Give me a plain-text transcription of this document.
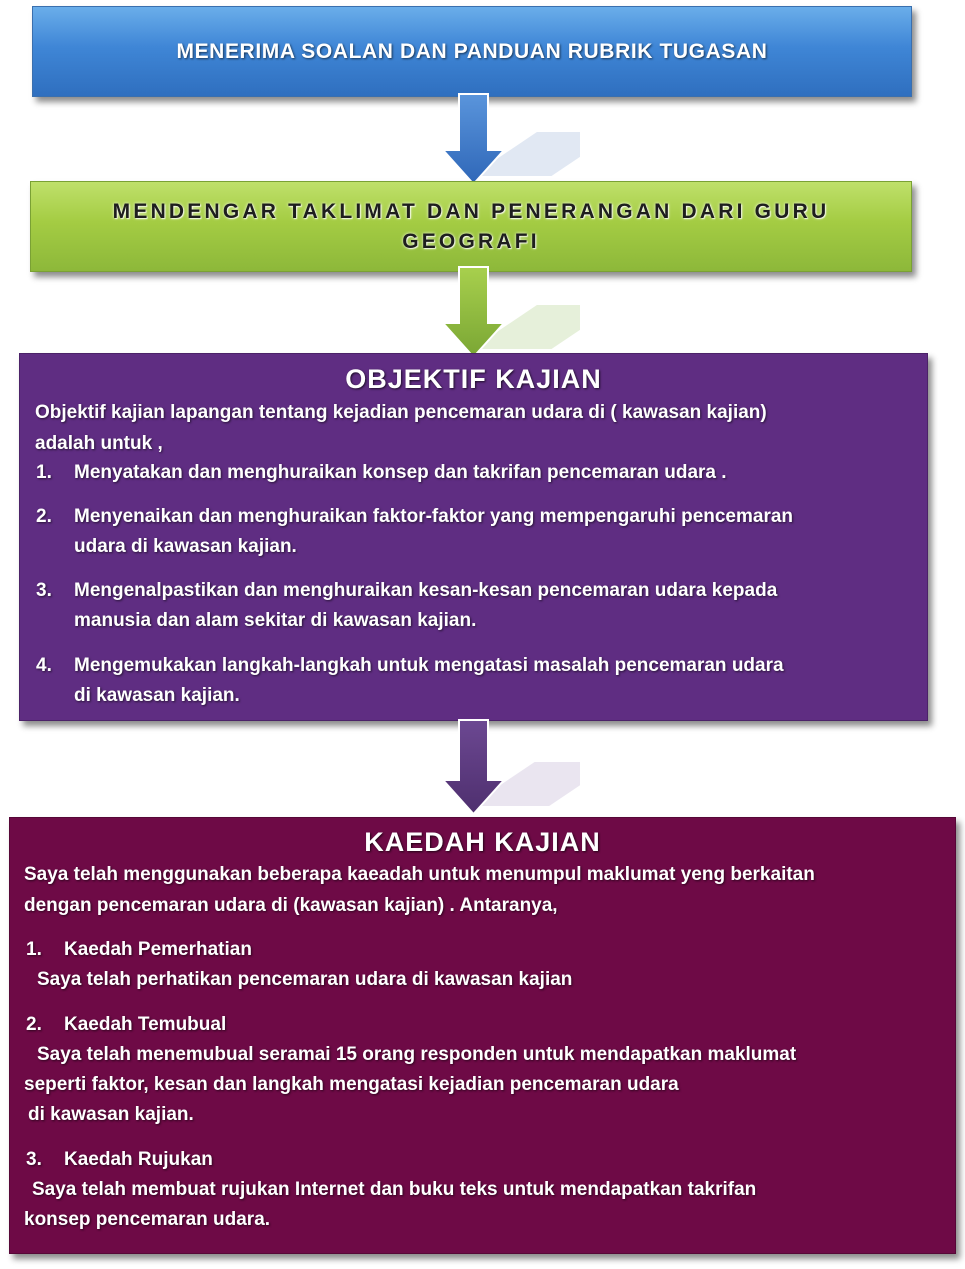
MENERIMA SOALAN DAN PANDUAN RUBRIK TUGASAN
MENDENGAR TAKLIMAT DAN PENERANGAN DARI GURU GEOGRAFI
OBJEKTIF KAJIAN
Objektif kajian lapangan tentang kejadian pencemaran udara di ( kawasan kajian)
adalah untuk ,
1. Menyatakan dan menghuraikan konsep dan takrifan pencemaran udara .
2. Menyenaikan dan menghuraikan faktor-faktor yang mempengaruhi pencemaran
udara di kawasan kajian.
3. Mengenalpastikan dan menghuraikan kesan-kesan pencemaran udara kepada
manusia dan alam sekitar di kawasan kajian.
4. Mengemukakan langkah-langkah untuk mengatasi masalah pencemaran udara
di kawasan kajian.
KAEDAH KAJIAN
Saya telah menggunakan beberapa kaeadah untuk menumpul maklumat yeng berkaitan
dengan pencemaran udara di (kawasan kajian) . Antaranya,
1. Kaedah Pemerhatian
Saya telah perhatikan pencemaran udara di kawasan kajian
2. Kaedah Temubual
Saya telah menemubual seramai 15 orang responden untuk mendapatkan maklumat
seperti faktor, kesan dan langkah mengatasi kejadian pencemaran udara
di kawasan kajian.
3. Kaedah Rujukan
Saya telah membuat rujukan Internet dan buku teks untuk mendapatkan takrifan
konsep pencemaran udara.
